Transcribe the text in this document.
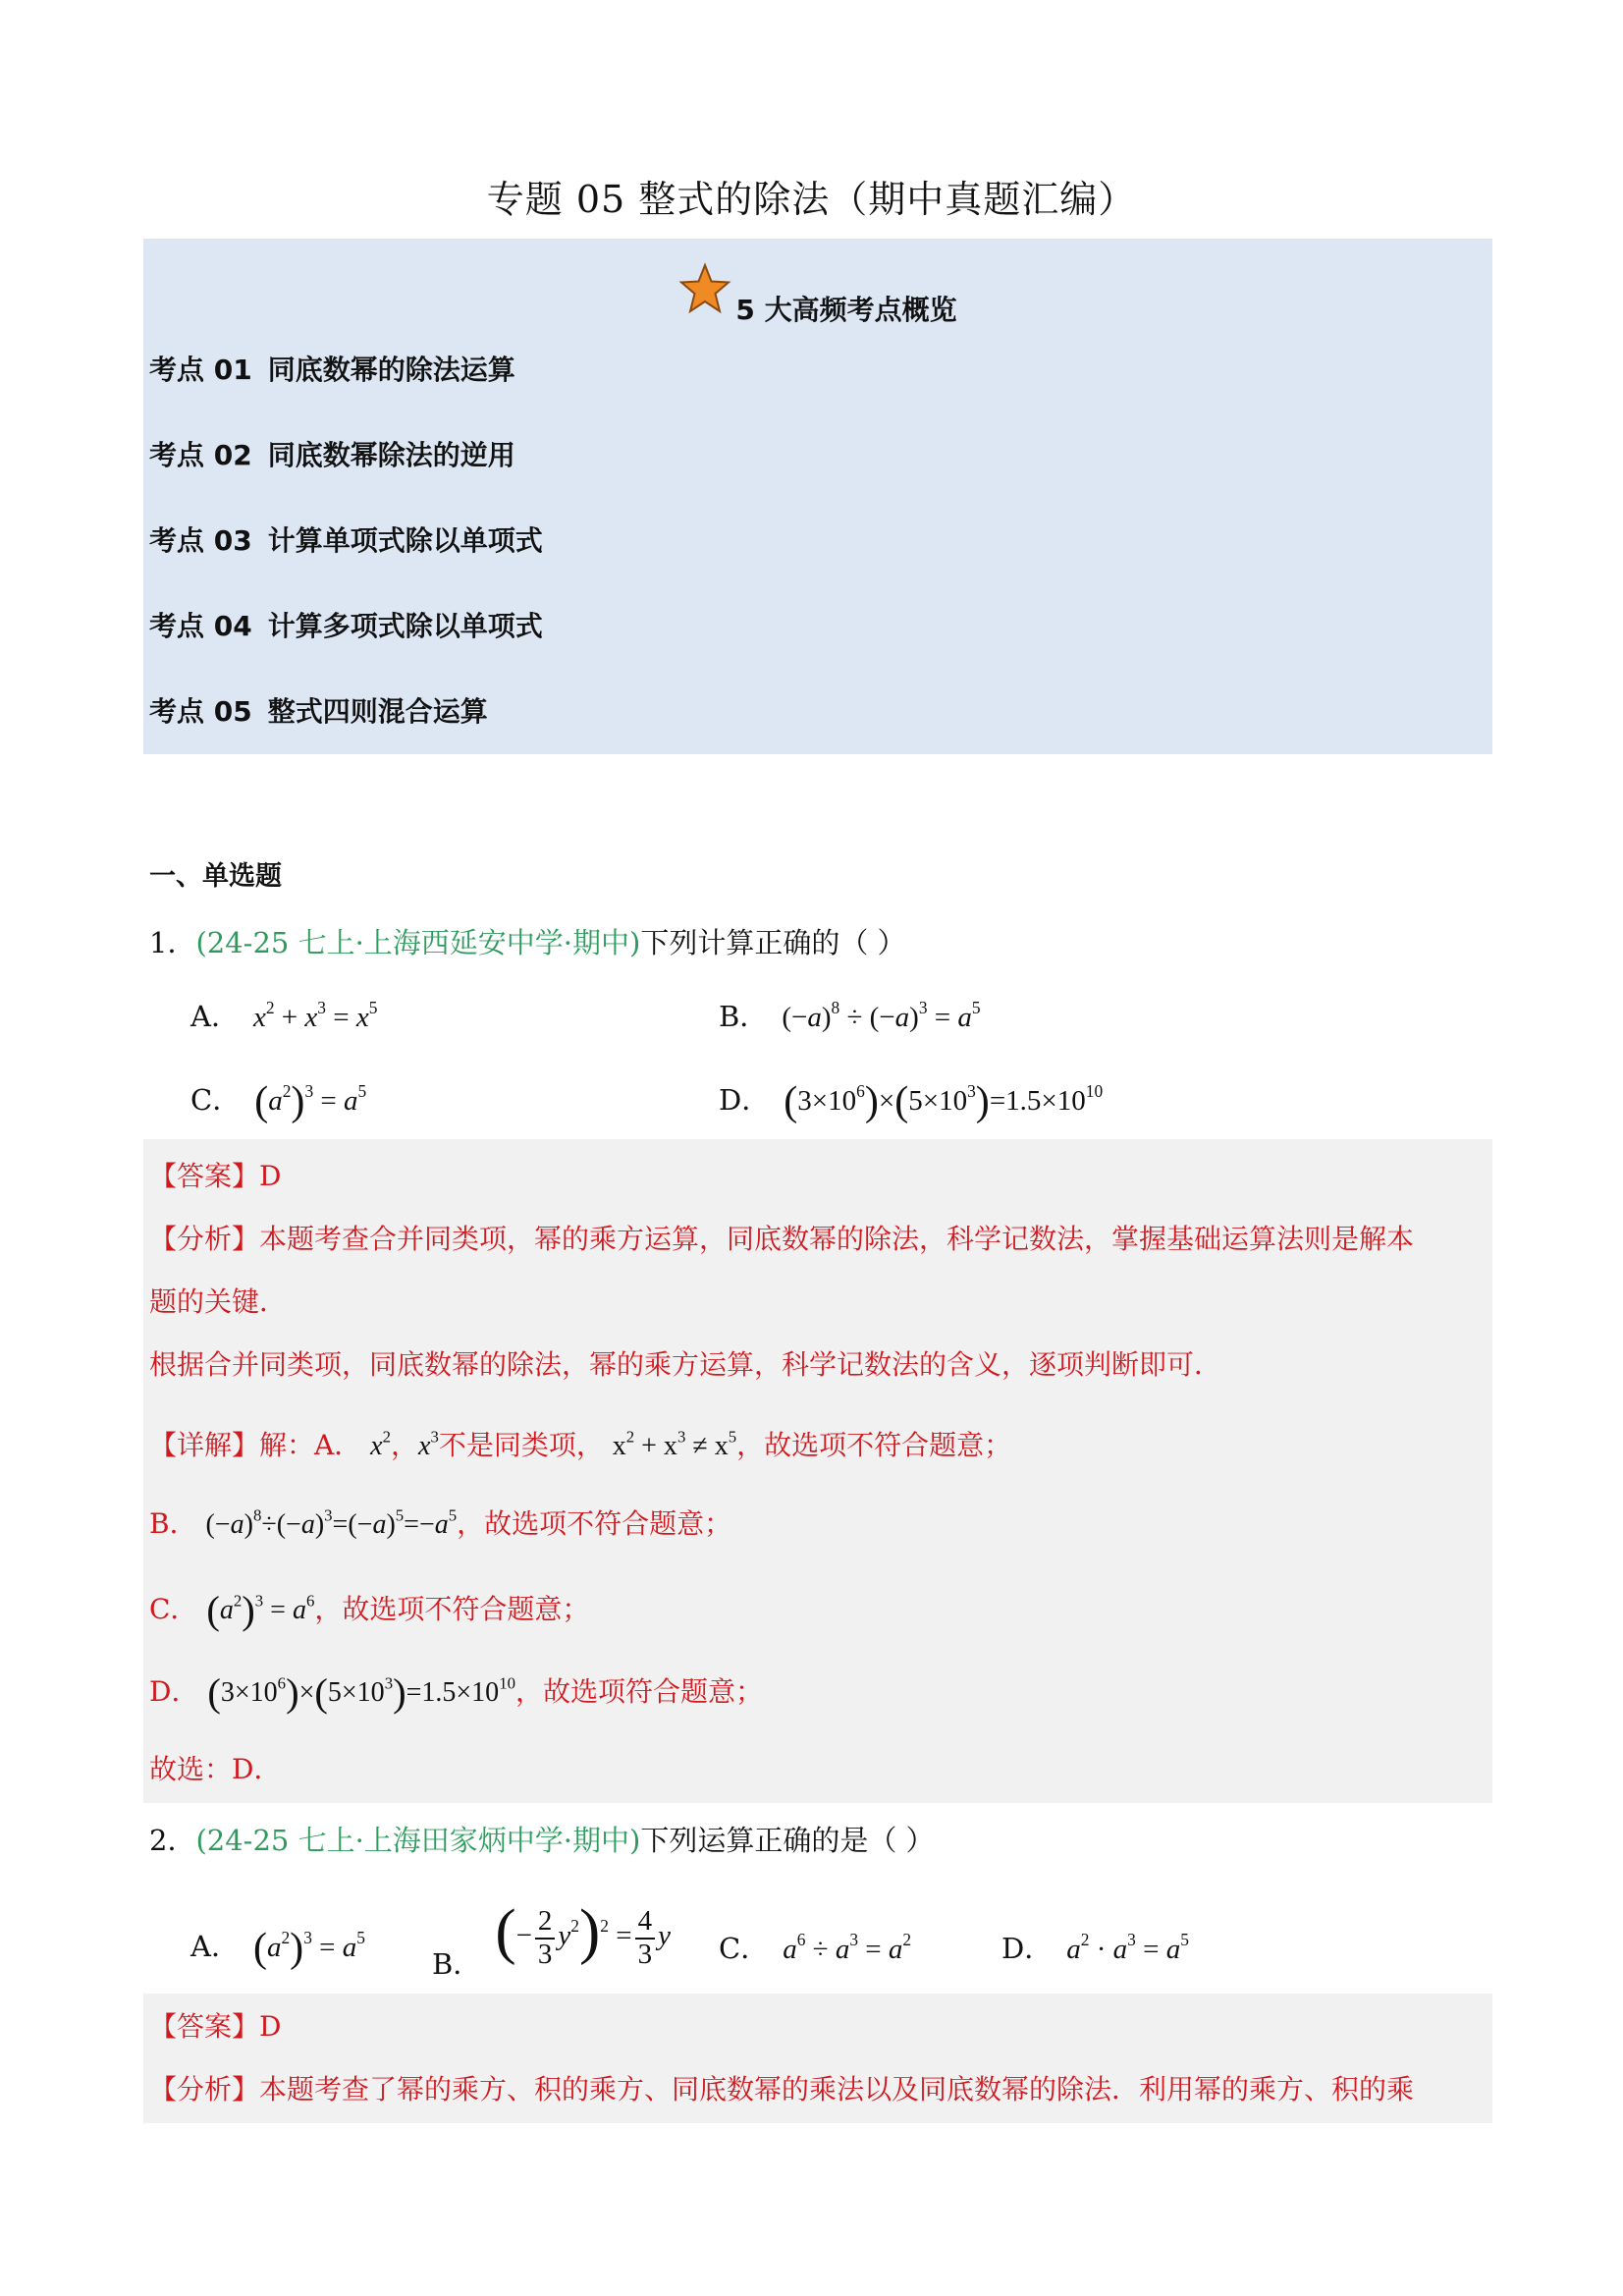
专题 05 整式的除法（期中真题汇编）
5 大高频考点概览
考点 01 同底数幂的除法运算
考点 02 同底数幂除法的逆用
考点 03 计算单项式除以单项式
考点 04 计算多项式除以单项式
考点 05 整式四则混合运算
一、单选题
1．(24-25 七上·上海西延安中学·期中)下列计算正确的（ ）
A． $x^2 + x^3 = x^5$	B． $(-a)^8 \div (-a)^3 = a^5$
C． $(a^2)^3 = a^5$	D． $(3\times 10^6)\times(5\times 10^3)=1.5\times 10^{10}$
【答案】D
【分析】本题考查合并同类项，幂的乘方运算，同底数幂的除法，科学记数法，掌握基础运算法则是解本
题的关键．
根据合并同类项，同底数幂的除法，幂的乘方运算，科学记数法的含义，逐项判断即可．
【详解】解：A． $x^2$，$x^3$不是同类项， $x^2 + x^3 \ne x^5$，故选项不符合题意；
B． $(-a)^8\div(-a)^3=(-a)^5=-a^5$，故选项不符合题意；
C． $(a^2)^3 = a^6$，故选项不符合题意；
D． $(3\times 10^6)\times(5\times 10^3)=1.5\times 10^{10}$，故选项符合题意；
故选：D．
2．(24-25 七上·上海田家炳中学·期中)下列运算正确的是（ ）
A． $(a^2)^3 = a^5$
B． (− $\frac{2}{3} y^2)^2 = \frac{4}{3}$ y C． $a^6 \div a^3 = a^2$	D． $a^2 \cdot a^3 = a^5$
【答案】D
【分析】本题考查了幂的乘方、积的乘方、同底数幂的乘法以及同底数幂的除法．利用幂的乘方、积的乘
